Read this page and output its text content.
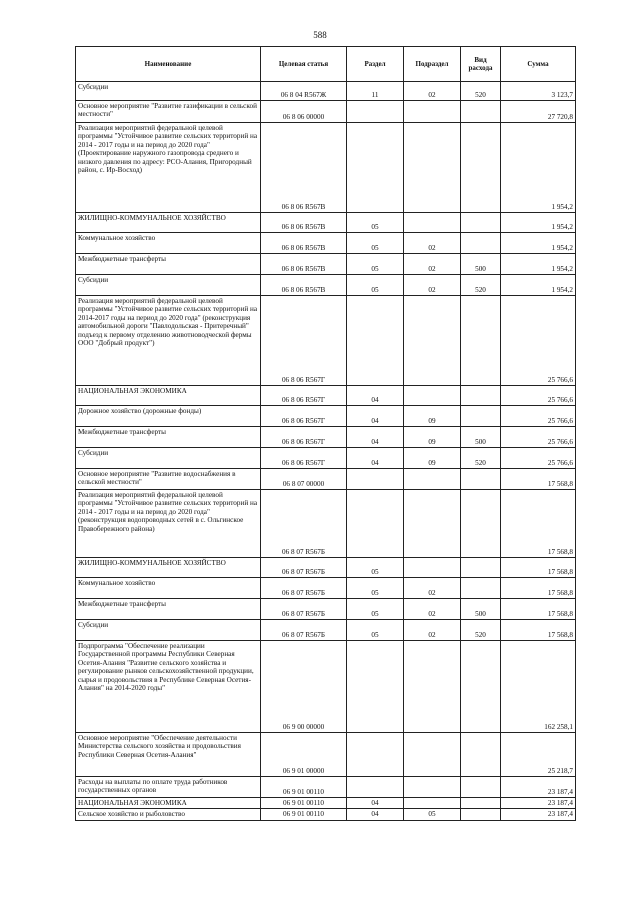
588
Наименование	Целевая статья	Раздел	Подраздел	Вид расхода	Сумма
Субсидии	06 8 04 R567Ж	11	02	520	3 123,7
Основное мероприятие "Развитие газификации в сельской местности"	06 8 06 00000				27 720,8
Реализация мероприятий федеральной целевой программы "Устойчивое развитие сельских территорий на 2014 - 2017 годы и на период до 2020 года" (Проектирование наружного газопровода среднего и низкого давления по адресу: РСО-Алания, Пригородный район, с. Ир-Восход)	06 8 06 R567В				1 954,2
ЖИЛИЩНО-КОММУНАЛЬНОЕ ХОЗЯЙСТВО	06 8 06 R567В	05			1 954,2
Коммунальное хозяйство	06 8 06 R567В	05	02		1 954,2
Межбюджетные трансферты	06 8 06 R567В	05	02	500	1 954,2
Субсидии	06 8 06 R567В	05	02	520	1 954,2
Реализация мероприятий федеральной целевой программы "Устойчивое развитие сельских территорий на 2014-2017 годы на период до 2020 года" (реконструкция автомобильной дороги "Павлодольская - Притеречный" подъезд к первому отделению животноводческой фермы ООО "Добрый продукт")	06 8 06 R567Г				25 766,6
НАЦИОНАЛЬНАЯ ЭКОНОМИКА	06 8 06 R567Г	04			25 766,6
Дорожное хозяйство (дорожные фонды)	06 8 06 R567Г	04	09		25 766,6
Межбюджетные трансферты	06 8 06 R567Г	04	09	500	25 766,6
Субсидии	06 8 06 R567Г	04	09	520	25 766,6
Основное мероприятие "Развитие водоснабжения в сельской местности"	06 8 07 00000				17 568,8
Реализация мероприятий федеральной целевой программы "Устойчивое развитие сельских территорий на 2014 - 2017 годы и на период до 2020 года" (реконструкция водопроводных сетей в с. Ольгинское Правобережного района)	06 8 07 R567Б				17 568,8
ЖИЛИЩНО-КОММУНАЛЬНОЕ ХОЗЯЙСТВО	06 8 07 R567Б	05			17 568,8
Коммунальное хозяйство	06 8 07 R567Б	05	02		17 568,8
Межбюджетные трансферты	06 8 07 R567Б	05	02	500	17 568,8
Субсидии	06 8 07 R567Б	05	02	520	17 568,8
Подпрограмма "Обеспечение реализации Государственной программы Республики Северная Осетия-Алания "Развитие сельского хозяйства и регулирование рынков сельскохозяйственной продукции, сырья и продовольствия в Республике Северная Осетия-Алания" на 2014-2020 годы"	06 9 00 00000				162 258,1
Основное мероприятие "Обеспечение деятельности Министерства сельского хозяйства и продовольствия Республики Северная Осетия-Алания"	06 9 01 00000				25 218,7
Расходы на выплаты по оплате труда работников государственных органов	06 9 01 00110				23 187,4
НАЦИОНАЛЬНАЯ ЭКОНОМИКА	06 9 01 00110	04			23 187,4
Сельское хозяйство и рыболовство	06 9 01 00110	04	05		23 187,4
